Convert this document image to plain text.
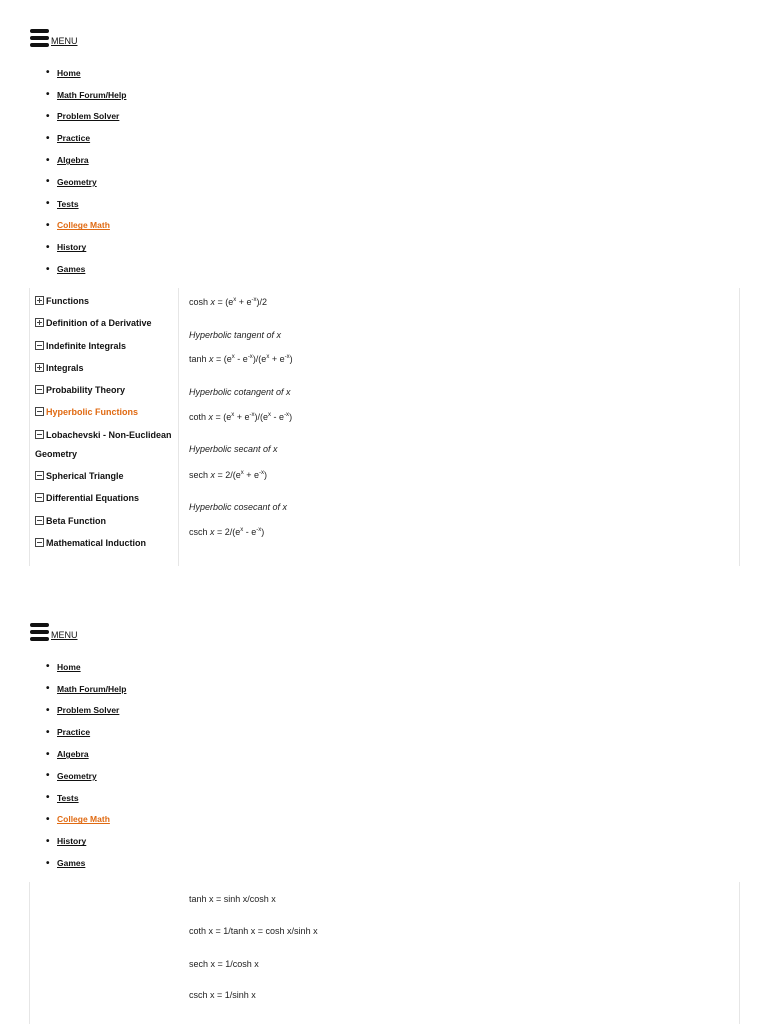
MENU
• Home
• Math Forum/Help
• Problem Solver
• Practice
• Algebra
• Geometry
• Tests
• College Math
• History
• Games
Functions
Definition of a Derivative
Indefinite Integrals
Integrals
Probability Theory
Hyperbolic Functions
Lobachevski - Non-Euclidean Geometry
Spherical Triangle
Differential Equations
Beta Function
Mathematical Induction
$\cosh x = (e^x + e^{-x})/2$
Hyperbolic tangent of x
$\tanh x = (e^x - e^{-x})/(e^x + e^{-x})$
Hyperbolic cotangent of x
coth $x = (e^x + e^{-x})/(e^x - e^{-x})$
Hyperbolic secant of x
sech $x = 2/(e^x + e^{-x})$
Hyperbolic cosecant of x
csch $x = 2/(e^x - e^{-x})$
MENU
• Home
• Math Forum/Help
• Problem Solver
• Practice
• Algebra
• Geometry
• Tests
• College Math
• History
• Games
tanh x = sinh x/cosh x
coth x = 1/tanh x = cosh x/sinh x
sech x = 1/cosh x
csch x = 1/sinh x
